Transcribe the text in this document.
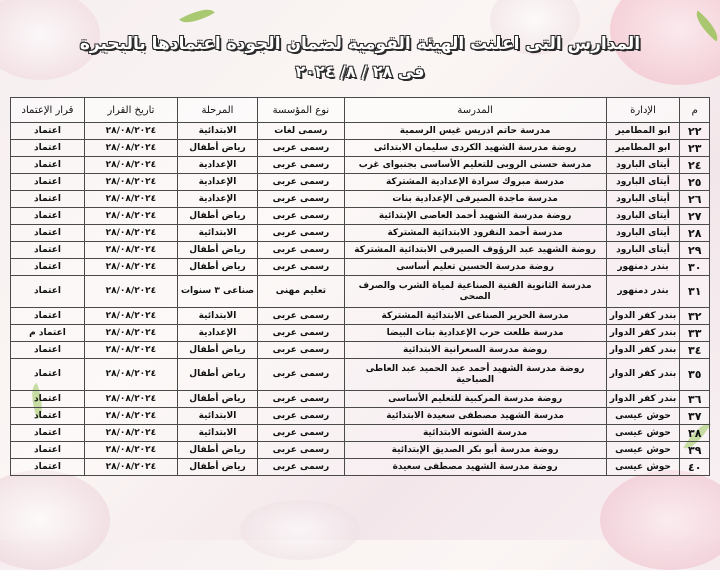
المدارس التى اعلنت الهيئة القومية لضمان الجودة اعتمادها بالبحيرة
فى ٢٨ / ٨/ ٢٠٢٤
م	الإدارة	المدرسة	نوع المؤسسة	المرحلة	تاريخ القرار	قرار الإعتماد
٢٢	ابو المطامير	مدرسة حاتم ادريس غيس الرسمية	رسمى لغات	الابتدائية	٢٨/٠٨/٢٠٢٤	اعتماد
٢٣	ابو المطامير	روضة مدرسة الشهيد الكردى سليمان الابتدائى	رسمى عربى	رياض أطفال	٢٨/٠٨/٢٠٢٤	اعتماد
٢٤	أيتاى البارود	مدرسة حسنى الروبى للتعليم الأساسى بجنبواى غرب	رسمى عربى	الإعدادية	٢٨/٠٨/٢٠٢٤	اعتماد
٢٥	أيتاى البارود	مدرسة مبروك سرادة الإعدادية المشتركة	رسمى عربى	الإعدادية	٢٨/٠٨/٢٠٢٤	اعتماد
٢٦	أيتاى البارود	مدرسة ماجدة الصيرفى الإعدادية بنات	رسمى عربى	الإعدادية	٢٨/٠٨/٢٠٢٤	اعتماد
٢٧	أيتاى البارود	روضة مدرسة الشهيد أحمد العاصى الإبتدائية	رسمى عربى	رياض أطفال	٢٨/٠٨/٢٠٢٤	اعتماد
٢٨	أيتاى البارود	مدرسة أحمد النقرود الابتدائية المشتركة	رسمى عربى	الابتدائية	٢٨/٠٨/٢٠٢٤	اعتماد
٢٩	أيتاى البارود	روضة الشهيد عبد الرؤوف الصيرفى الابتدائية المشتركة	رسمى عربى	رياض أطفال	٢٨/٠٨/٢٠٢٤	اعتماد
٣٠	بندر دمنهور	روضة مدرسة الحسين تعليم أساسى	رسمى عربى	رياض أطفال	٢٨/٠٨/٢٠٢٤	اعتماد
٣١	بندر دمنهور	مدرسة الثانوية الفنية الصناعية لمياة الشرب والصرف الصحى	تعليم مهنى	صناعى ٣ سنوات	٢٨/٠٨/٢٠٢٤	اعتماد
٣٢	بندر كفر الدوار	مدرسة الحرير الصناعى الابتدائية المشتركة	رسمى عربى	الابتدائية	٢٨/٠٨/٢٠٢٤	اعتماد
٣٣	بندر كفر الدوار	مدرسة طلعت حرب الإعدادية بنات البيضا	رسمى عربى	الإعدادية	٢٨/٠٨/٢٠٢٤	اعتماد م
٣٤	بندر كفر الدوار	روضة مدرسة السعرانية الابتدائية	رسمى عربى	رياض أطفال	٢٨/٠٨/٢٠٢٤	اعتماد
٣٥	بندر كفر الدوار	روضة مدرسة الشهيد أحمد عبد الحميد عبد العاطى الصباحية	رسمى عربى	رياض أطفال	٢٨/٠٨/٢٠٢٤	اعتماد
٣٦	بندر كفر الدوار	روضة مدرسة المركبية للتعليم الأساسى	رسمى عربى	رياض أطفال	٢٨/٠٨/٢٠٢٤	اعتماد
٣٧	حوش عيسى	مدرسة الشهيد مصطفى سعيدة الابتدائية	رسمى عربى	الابتدائية	٢٨/٠٨/٢٠٢٤	اعتماد
٣٨	حوش عيسى	مدرسة الشونه الابتدائية	رسمى عربى	الابتدائية	٢٨/٠٨/٢٠٢٤	اعتماد
٣٩	حوش عيسى	روضة مدرسة أبو بكر الصديق الإبتدائية	رسمى عربى	رياض أطفال	٢٨/٠٨/٢٠٢٤	اعتماد
٤٠	حوش عيسى	روضة مدرسة الشهيد مصطفى سعيدة	رسمى عربى	رياض أطفال	٢٨/٠٨/٢٠٢٤	اعتماد
